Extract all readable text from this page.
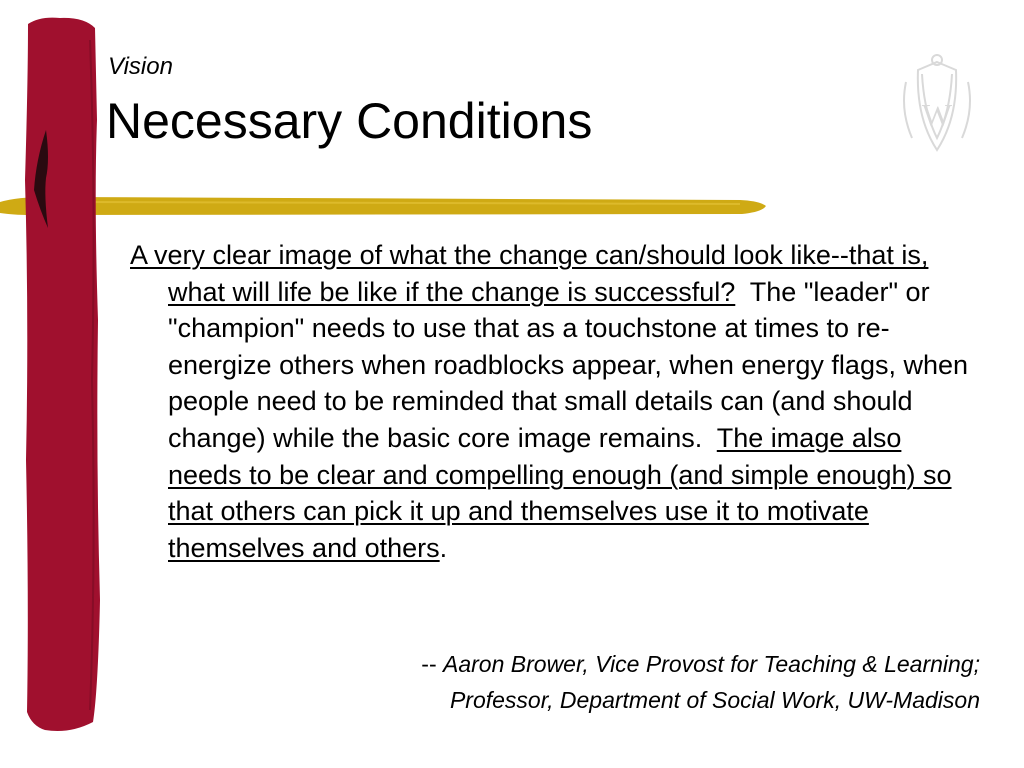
W
Vision
Necessary Conditions

A very clear image of what the change can/should look like--that is, what will life be like if the change is successful?  The "leader" or "champion" needs to use that as a touchstone at times to re-energize others when roadblocks appear, when energy flags, when people need to be reminded that small details can (and should change) while the basic core image remains.  The image also needs to be clear and compelling enough (and simple enough) so that others can pick it up and themselves use it to motivate themselves and others.

-- Aaron Brower, Vice Provost for Teaching & Learning;
Professor, Department of Social Work, UW-Madison
